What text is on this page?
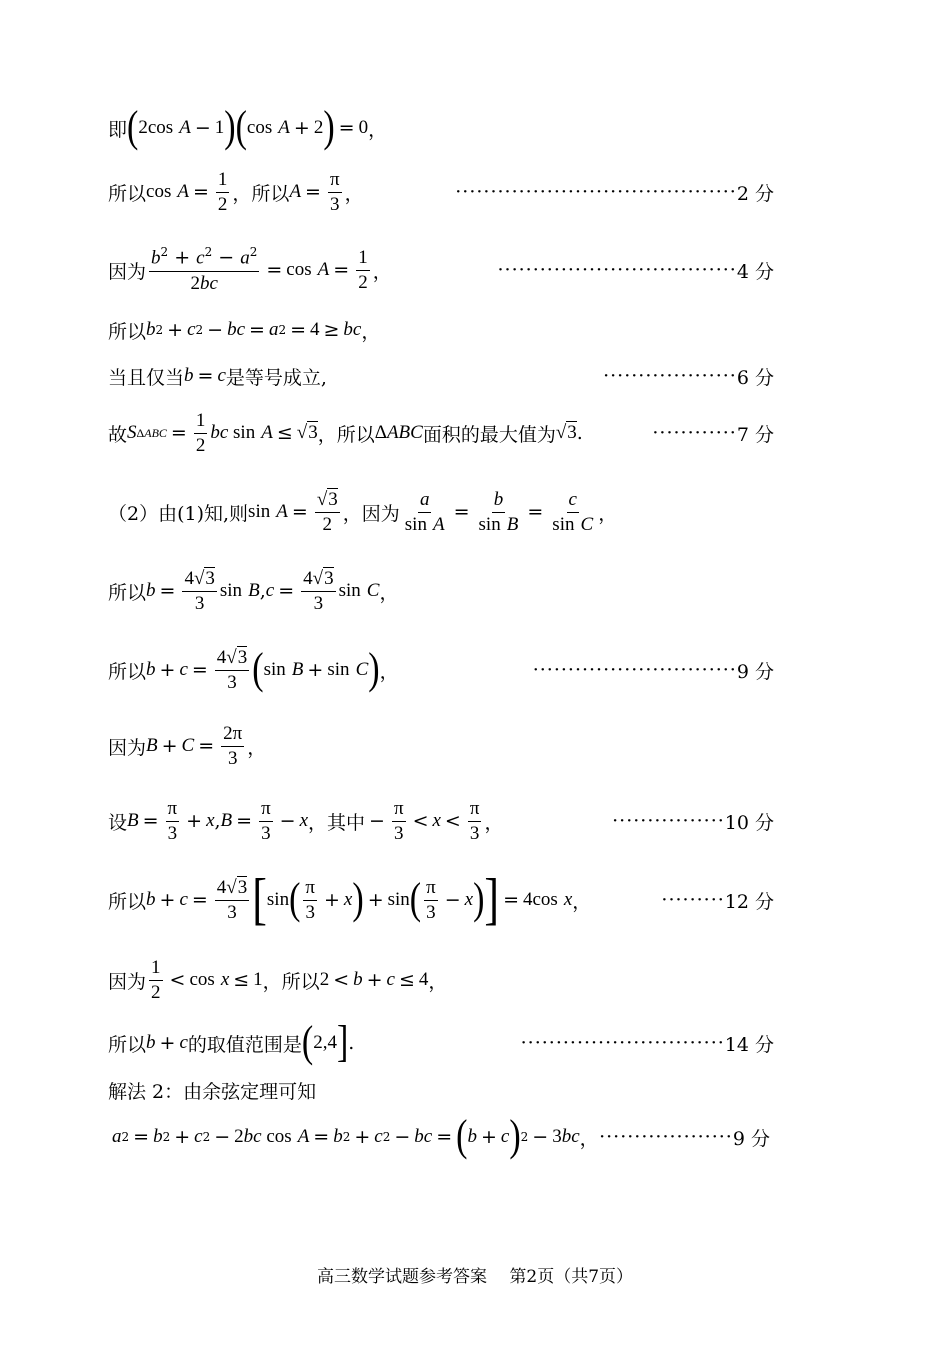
即 ( 2cos
A − 1 ) ( cos
A + 2 ) = 0 ，
所以 cos
$A = \frac{1}{2}$ ，所以 $A = \frac{\pi}{3}$ ，	········································ 2 分
因为 $\frac{b^2 + c^2 - a^2}{2bc} = \cos$
$A = \frac{1}{2}$ ，	·································· 4 分
所以 b 2 + c 2 − bc = a 2 = 4 ≥ bc ，
当且仅当 b = c 是等号成立,	··················· 6 分
故 S $\Delta ABC = \frac{1}{2}$ bc sin
A ≤ √3 ，所以 Δ ABC 面积的最大值为 √3 .	············ 7 分
（2）由(1)知,则 sin
$A = \frac{√3}{2}$ ，因为 $\frac{a}{\text{sin A}} = \frac{b}{\text{sin B}} = \frac{c}{\text{sin C}}$ ，
所以 $b = \frac{4√3}{3}$ sin
B , $c = \frac{4√3}{3}$ sin
C ，
所以 $b + c = \frac{4√3}{3}$ ( sin
B + sin
C ) ，	····························· 9 分
因为 $B + C = \frac{2\pi}{3}$ ，
设 $B = \frac{\pi}{3} + x$ , $B = \frac{\pi}{3} - x$ ，其中 − $\frac{\pi}{3} < x < \frac{\pi}{3}$ ，	················ 10 分
所以 $b + c = \frac{4√3}{3}$ [ sin ( $\frac{\pi}{3} + x$ ) + sin ( $\frac{\pi}{3} - x$ ) ] = 4cos
x ，	········· 12 分
因为 $\frac{1}{2} < \cos$
x ≤ 1 ，所以 2 < b + c ≤ 4 ，
所以 b + c 的取值范围是 ( 2,4 ] .	····························· 14 分
解法 2：由余弦定理可知
a 2 = b 2 + c 2 − 2 bc cos
A = b 2 + c 2 − bc = ( b + c ) 2 − 3 bc ， ··················· 9 分
高三数学试题参考答案　 第2页（共7页）
